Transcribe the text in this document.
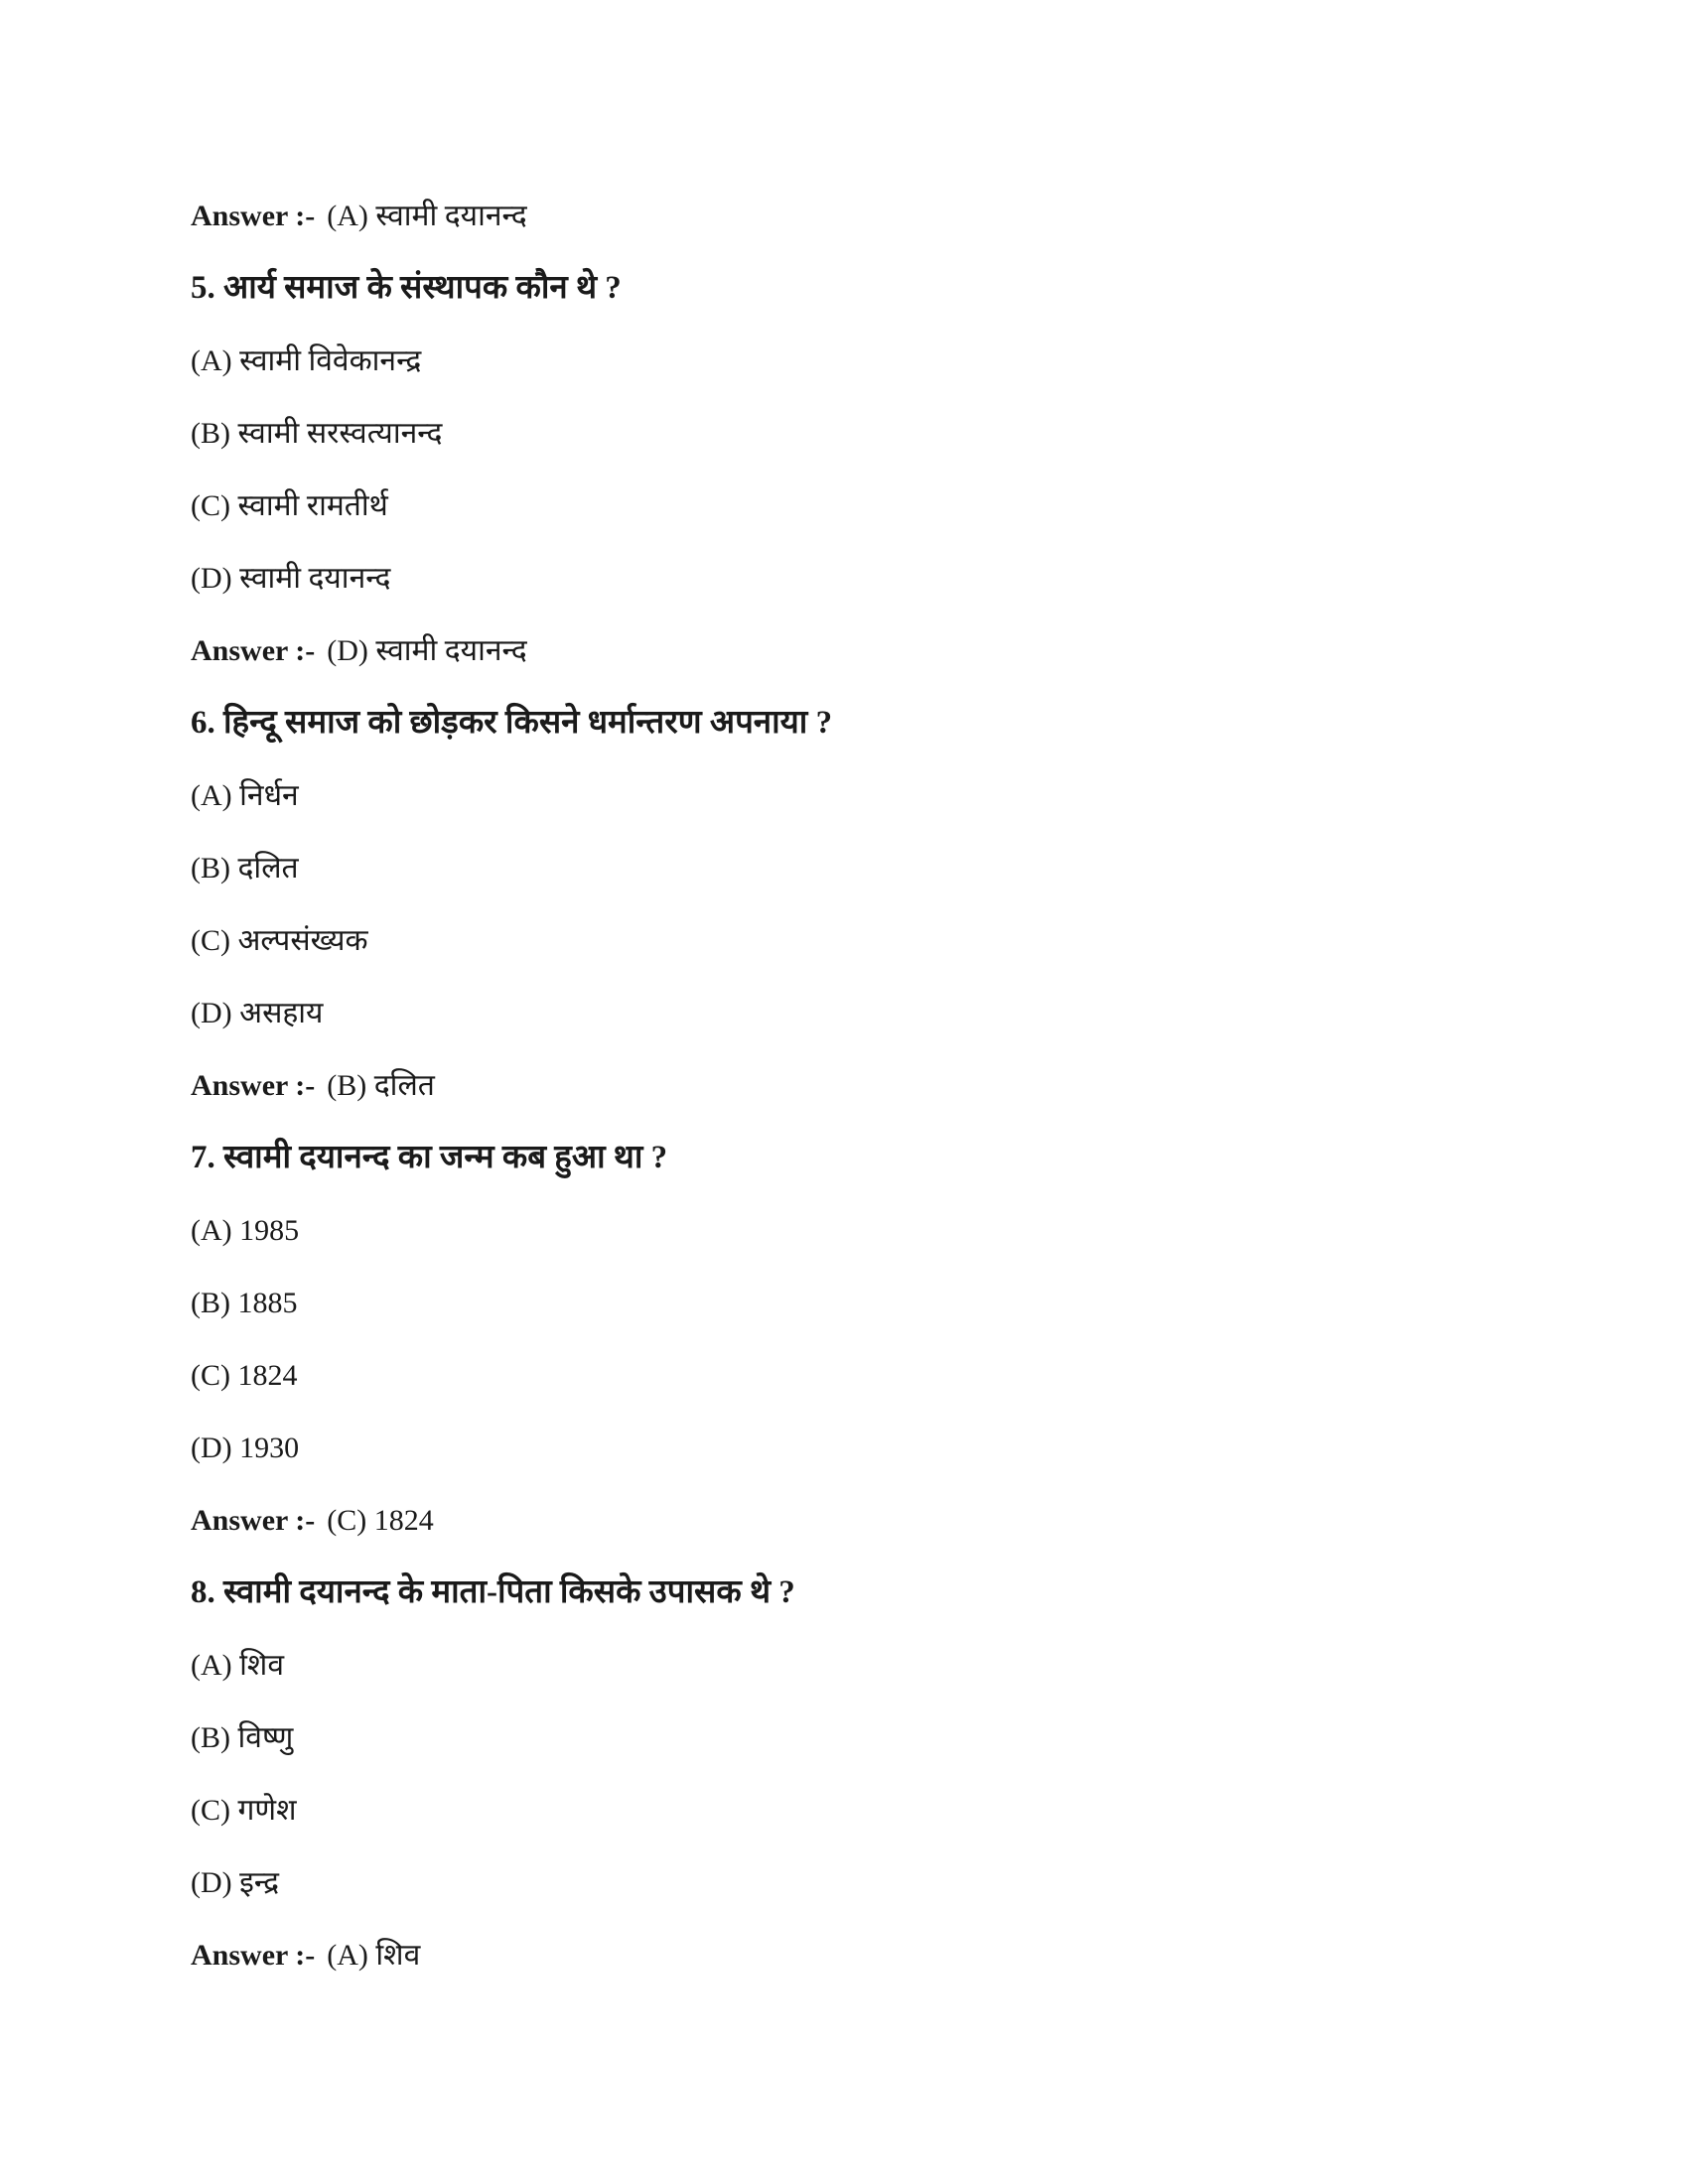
Answer :- (A) स्वामी दयानन्द
5. आर्य समाज के संस्थापक कौन थे ?
(A) स्वामी विवेकानन्द्र
(B) स्वामी सरस्वत्यानन्द
(C) स्वामी रामतीर्थ
(D) स्वामी दयानन्द
Answer :- (D) स्वामी दयानन्द
6. हिन्दू समाज को छोड़कर किसने धर्मान्तरण अपनाया ?
(A) निर्धन
(B) दलित
(C) अल्पसंख्यक
(D) असहाय
Answer :- (B) दलित
7. स्वामी दयानन्द का जन्म कब हुआ था ?
(A) 1985
(B) 1885
(C) 1824
(D) 1930
Answer :- (C) 1824
8. स्वामी दयानन्द के माता-पिता किसके उपासक थे ?
(A) शिव
(B) विष्णु
(C) गणेश
(D) इन्द्र
Answer :- (A) शिव
